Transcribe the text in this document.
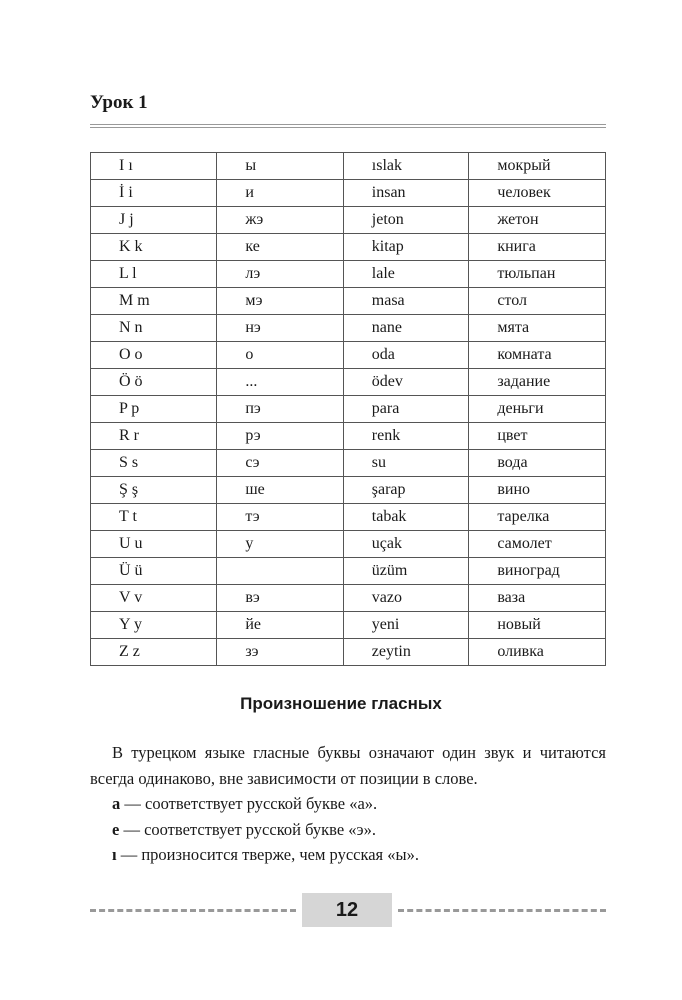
Урок 1
I ı	ы	ıslak	мокрый
İ i	и	insan	человек
J j	жэ	jeton	жетон
K k	ке	kitap	книга
L l	лэ	lale	тюльпан
M m	мэ	masa	стол
N n	нэ	nane	мята
O o	о	oda	комната
Ö ö	...	ödev	задание
P p	пэ	para	деньги
R r	рэ	renk	цвет
S s	сэ	su	вода
Ş ş	ше	şarap	вино
T t	тэ	tabak	тарелка
U u	у	uçak	самолет
Ü ü		üzüm	виноград
V v	вэ	vazo	ваза
Y y	йе	yeni	новый
Z z	зэ	zeytin	оливка
Произношение гласных

В турецком языке гласные буквы означают один звук и читаются всегда одинаково, вне зависимости от позиции в слове.

a — соответствует русской букве «а».

e — соответствует русской букве «э».

ı — произносится тверже, чем русская «ы».

12
